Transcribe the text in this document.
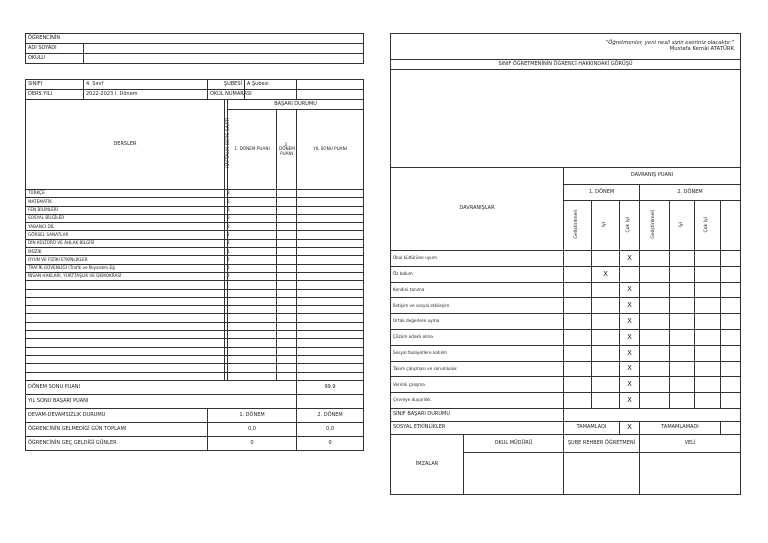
ÖĞRENCİNİN							
ADI SOYADI							
OKULU							

SINIFI	4. Sınıf	ŞUBESİ			A Şubesi		
DERS YILI	2022-2023 I. Dönem	OKUL NUMARASI					
DERSLER			HAFTALIK DERS SAATİ	BAŞARI DURUMU			
				1. DÖNEM PUANI		2. DÖNEM PUANI	YIL SONU PUANI
TÜRKÇE			8				
MATEMATİK			5				
FEN BİLİMLERİ			3				
SOSYAL BİLGİLER			3				
YABANCI DİL			2				
GÖRSEL SANATLAR			1				
DİN KÜLTÜRÜ VE AHLAK BİLGİSİ			2				
MÜZİK			1				
OYUN VE FİZİKİ ETKİNLİKLER			2				
TRAFİK GÜVENLİĞİ (Trafik ve İlkyardım Eğ			1				
İNSAN HAKLARI, YURTTAŞLIK VE DEMOKRASİ			2				

DÖNEM SONU PUANI							99.9
YIL SONU BAŞARI PUANI							
DEVAM-DEVAMSIZLIK DURUMU		1. DÖNEM					2. DÖNEM
ÖĞRENCİNİN GELMEDİĞİ GÜN TOPLAMI		0,0					0,0
ÖĞRENCİNİN GEÇ GELDİĞİ GÜNLER		0					0
"Öğretmenler, yeni nesil sizin eseriniz olacaktır."
Mustafa Kemâl ATATÜRK								

SINIF ÖĞRETMENİNİN ÖĞRENCİ HAKKINDAKİ GÖRÜŞÜ								

DAVRANIŞLAR		DAVRANIŞ PUANI						
		1. DÖNEM			2. DÖNEM			
		Geliştirilmeli	İyi	Çok İyi	Geliştirilmeli	İyi	Çok İyi	
Okul kültürüne uyum				X				
Öz bakım			X					
Kendini tanıma				X				
İletişim ve sosyal etkileşim				X				
Ortak değerlere uyma				X				
Çözüm odaklı olma				X				
Sosyal faaliyetlere katılım				X				
Takım çalışması ve sorumluluk				X				
Verimli çalışma				X				
Çevreye duyarlılık				X				
SINIF BAŞARI DURUMU								
SOSYAL ETKİNLİKLER		TAMAMLADI		X	TAMAMLAMADI			
İMZALAR	OKUL MÜDÜRÜ	ŞUBE REHBER ÖĞRETMENİ			VELİ			
